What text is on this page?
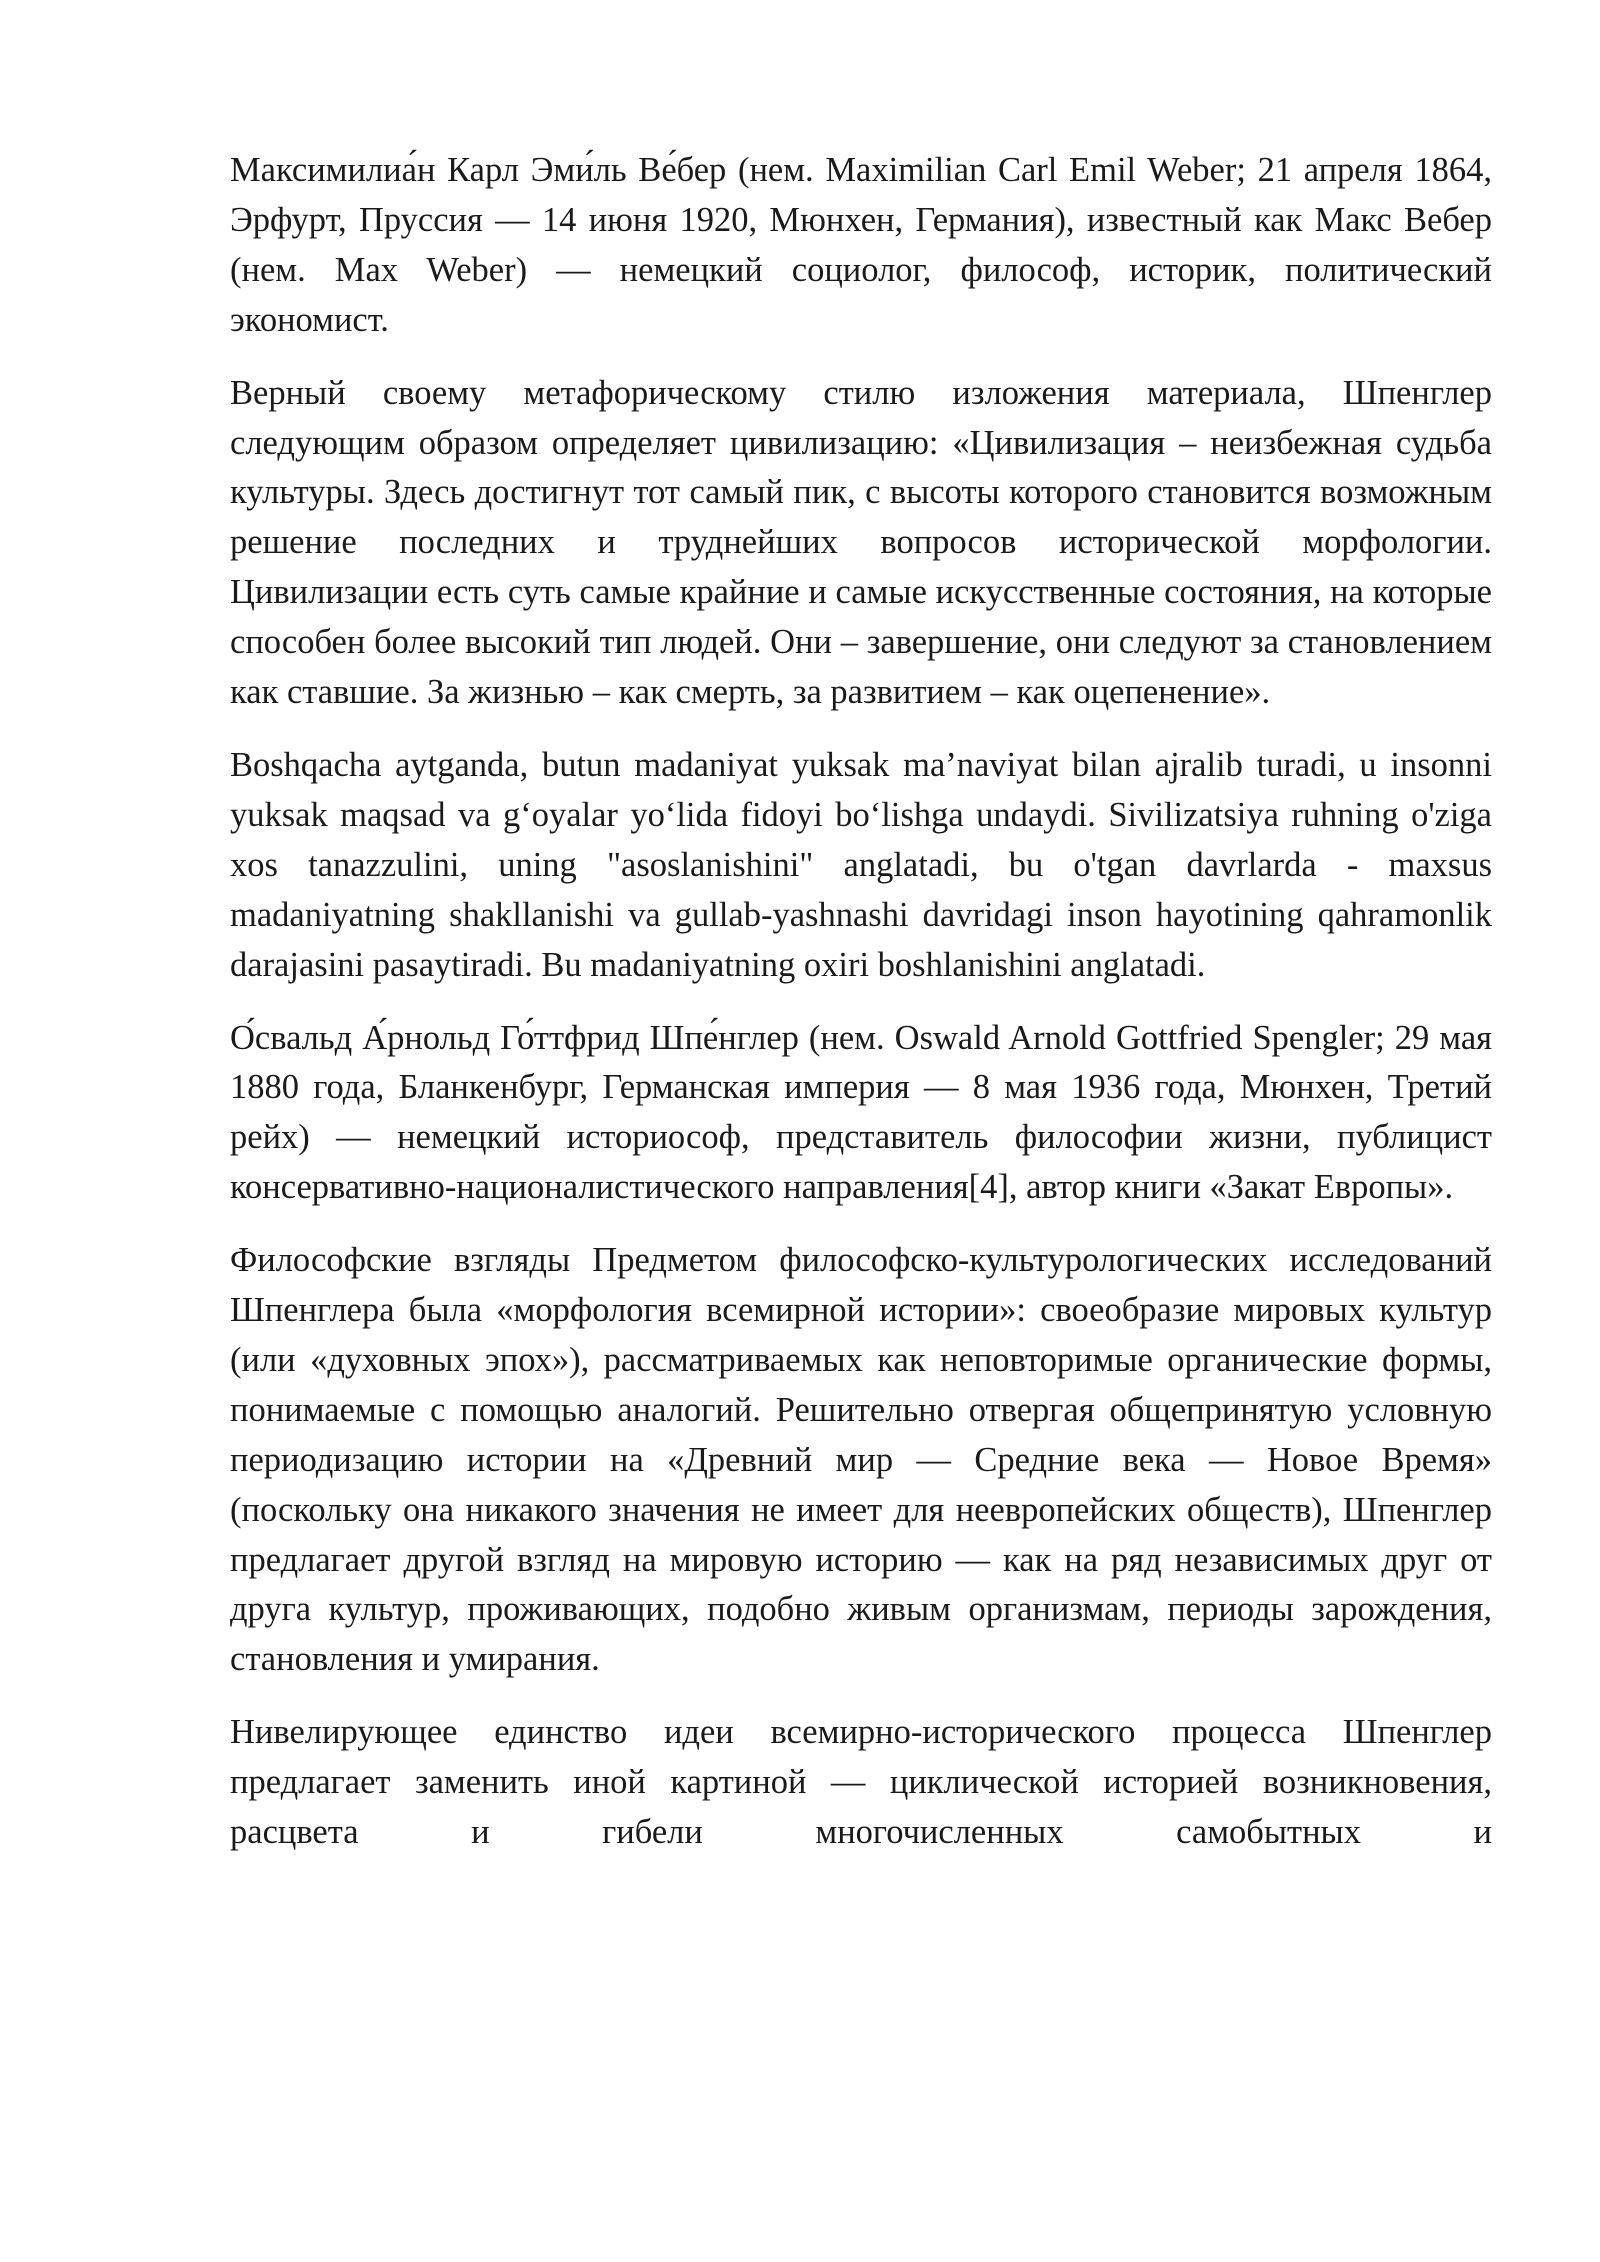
Максимилиа́н Карл Эми́ль Ве́бер (нем. Maximilian Carl Emil Weber; 21 апреля 1864, Эрфурт, Пруссия — 14 июня 1920, Мюнхен, Германия), известный как Макс Вебер (нем. Max Weber) — немецкий социолог, философ, историк, политический экономист.

Верный своему метафорическому стилю изложения материала, Шпенглер следующим образом определяет цивилизацию: «Цивилизация – неизбежная судьба культуры. Здесь достигнут тот самый пик, с высоты которого становится возможным решение последних и труднейших вопросов исторической морфологии. Цивилизации есть суть самые крайние и самые искусственные состояния, на которые способен более высокий тип людей. Они – завершение, они следуют за становлением как ставшие. За жизнью – как смерть, за развитием – как оцепенение».

Boshqacha aytganda, butun madaniyat yuksak ma’naviyat bilan ajralib turadi, u insonni yuksak maqsad va gʻoyalar yoʻlida fidoyi boʻlishga undaydi. Sivilizatsiya ruhning o'ziga xos tanazzulini, uning "asoslanishini" anglatadi, bu o'tgan davrlarda - maxsus madaniyatning shakllanishi va gullab-yashnashi davridagi inson hayotining qahramonlik darajasini pasaytiradi. Bu madaniyatning oxiri boshlanishini anglatadi.

О́свальд А́рнольд Го́ттфрид Шпе́нглер (нем. Oswald Arnold Gottfried Spengler; 29 мая 1880 года, Бланкенбург, Германская империя — 8 мая 1936 года, Мюнхен, Третий рейх) — немецкий историософ, представитель философии жизни, публицист консервативно-националистического направления[4], автор книги «Закат Европы».

Философские взгляды Предметом философско-культурологических исследований Шпенглера была «морфология всемирной истории»: своеобразие мировых культур (или «духовных эпох»), рассматриваемых как неповторимые органические формы, понимаемые с помощью аналогий. Решительно отвергая общепринятую условную периодизацию истории на «Древний мир — Средние века — Новое Время» (поскольку она никакого значения не имеет для неевропейских обществ), Шпенглер предлагает другой взгляд на мировую историю — как на ряд независимых друг от друга культур, проживающих, подобно живым организмам, периоды зарождения, становления и умирания.

Нивелирующее единство идеи всемирно-исторического процесса Шпенглер предлагает заменить иной картиной — циклической историей возникновения, расцвета и гибели многочисленных самобытных и
